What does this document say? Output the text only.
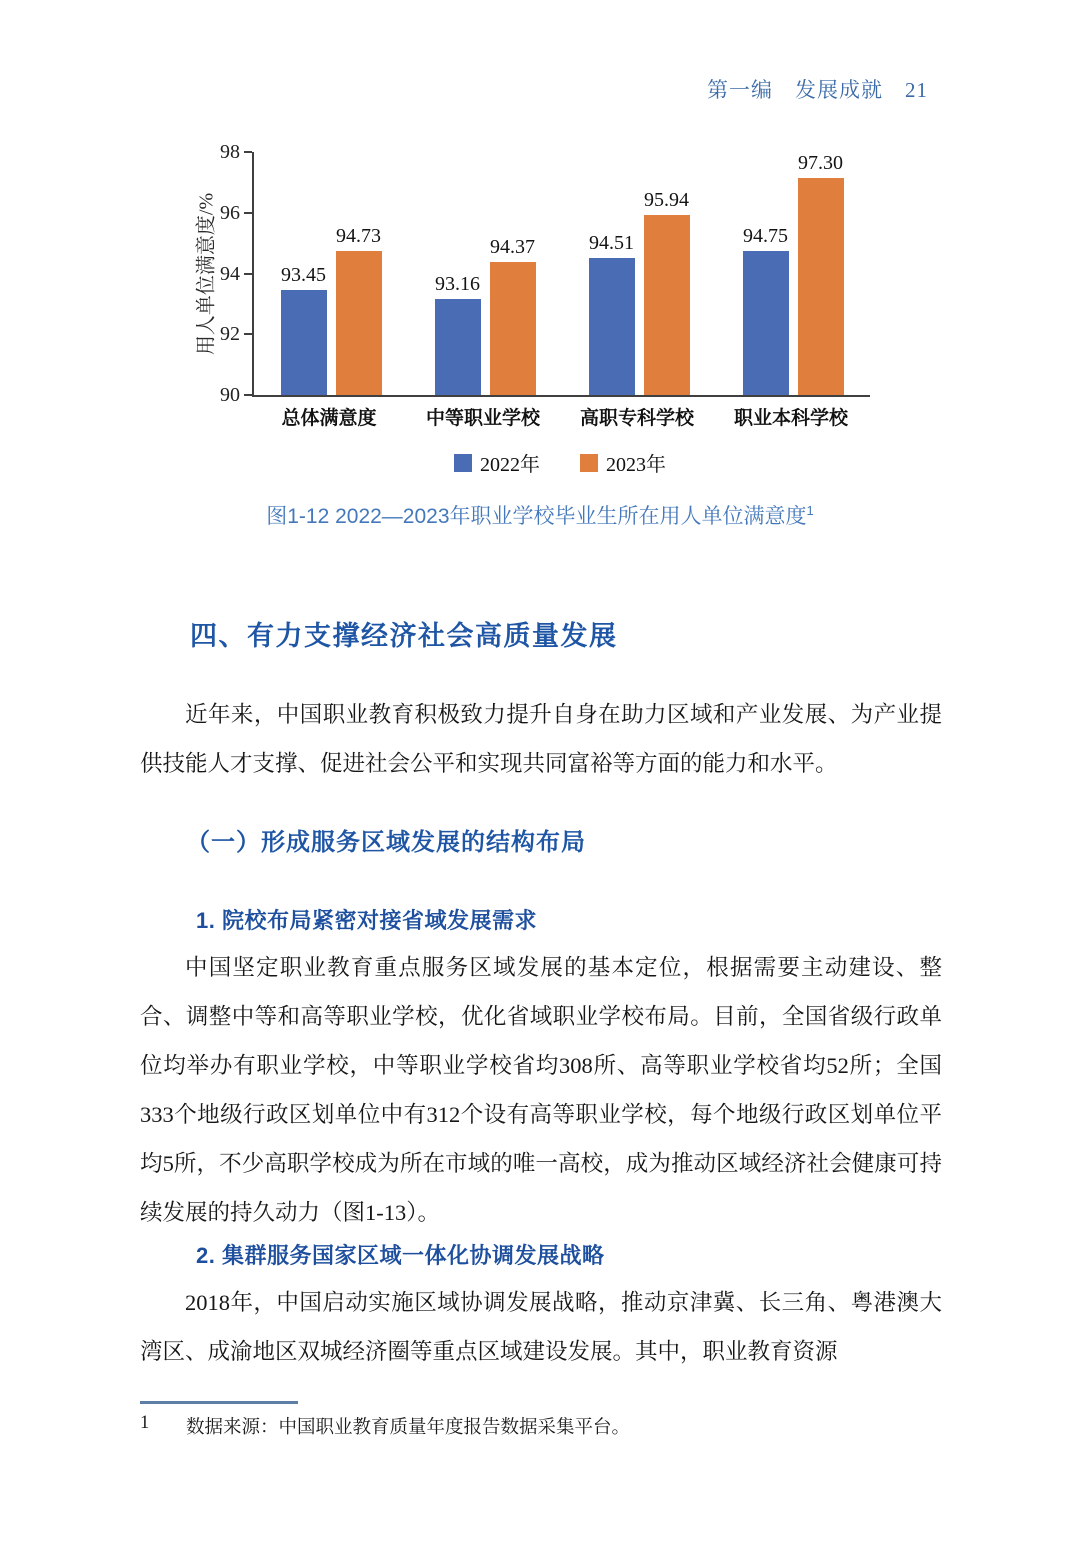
第一编　发展成就 21
用人单位满意度/%	93.45
94.73
93.16
94.37	94.51
95.94
94.75
97.30
总体满意度	中等职业学校	高职专科学校	职业本科学校
2022年	2023年
90
92
94
96
98
图1-12 2022—2023年职业学校毕业生所在用人单位满意度$^1$
四、有力支撑经济社会高质量发展
近年来，中国职业教育积极致力提升自身在助力区域和产业发展、为产业提供技能人才支撑、促进社会公平和实现共同富裕等方面的能力和水平。
（一）形成服务区域发展的结构布局
1. 院校布局紧密对接省域发展需求
中国坚定职业教育重点服务区域发展的基本定位，根据需要主动建设、整合、调整中等和高等职业学校，优化省域职业学校布局。目前，全国省级行政单位均举办有职业学校，中等职业学校省均308所、高等职业学校省均52所；全国333个地级行政区划单位中有312个设有高等职业学校，每个地级行政区划单位平均5所，不少高职学校成为所在市域的唯一高校，成为推动区域经济社会健康可持续发展的持久动力（图1-13）。
2. 集群服务国家区域一体化协调发展战略
2018年，中国启动实施区域协调发展战略，推动京津冀、长三角、粤港澳大湾区、成渝地区双城经济圈等重点区域建设发展。其中，职业教育资源
1	数据来源：中国职业教育质量年度报告数据采集平台。
